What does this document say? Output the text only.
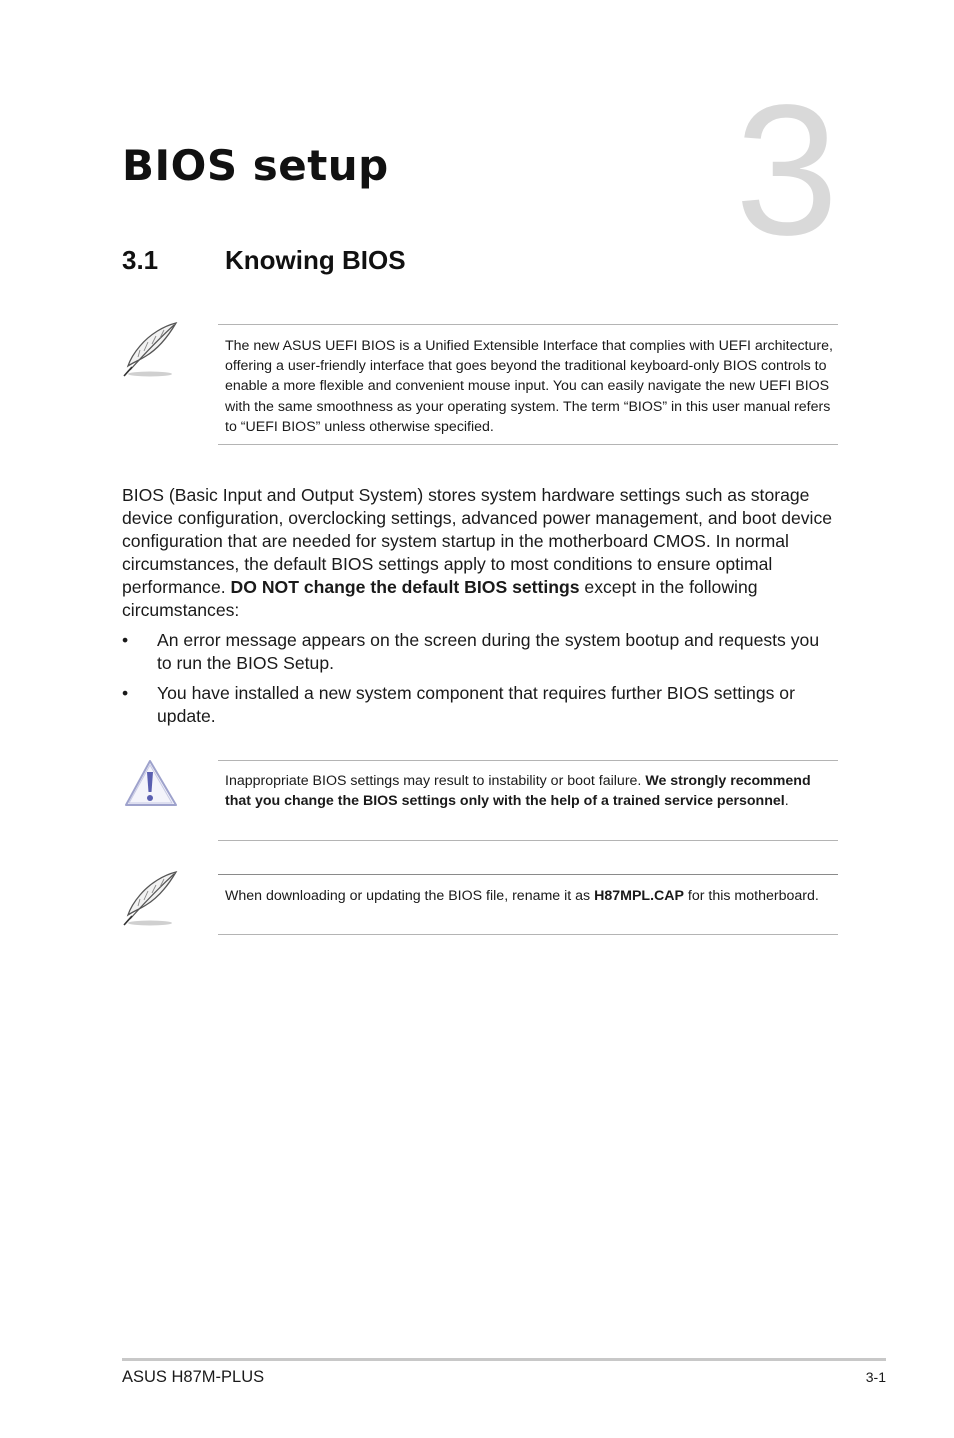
3
BIOS setup
3.1	Knowing BIOS

The new ASUS UEFI BIOS is a Unified Extensible Interface that complies with UEFI architecture, offering a user-friendly interface that goes beyond the traditional keyboard-only BIOS controls to enable a more flexible and convenient mouse input. You can easily navigate the new UEFI BIOS with the same smoothness as your operating system. The term “BIOS” in this user manual refers to “UEFI BIOS” unless otherwise specified.

BIOS (Basic Input and Output System) stores system hardware settings such as storage device configuration, overclocking settings, advanced power management, and boot device configuration that are needed for system startup in the motherboard CMOS. In normal circumstances, the default BIOS settings apply to most conditions to ensure optimal performance. DO NOT change the default BIOS settings except in the following circumstances:

• An error message appears on the screen during the system bootup and requests you to run the BIOS Setup.
• You have installed a new system component that requires further BIOS settings or update.

Inappropriate BIOS settings may result to instability or boot failure. We strongly recommend that you change the BIOS settings only with the help of a trained service personnel.

When downloading or updating the BIOS file, rename it as H87MPL.CAP for this motherboard.

ASUS H87M-PLUS	3-1
